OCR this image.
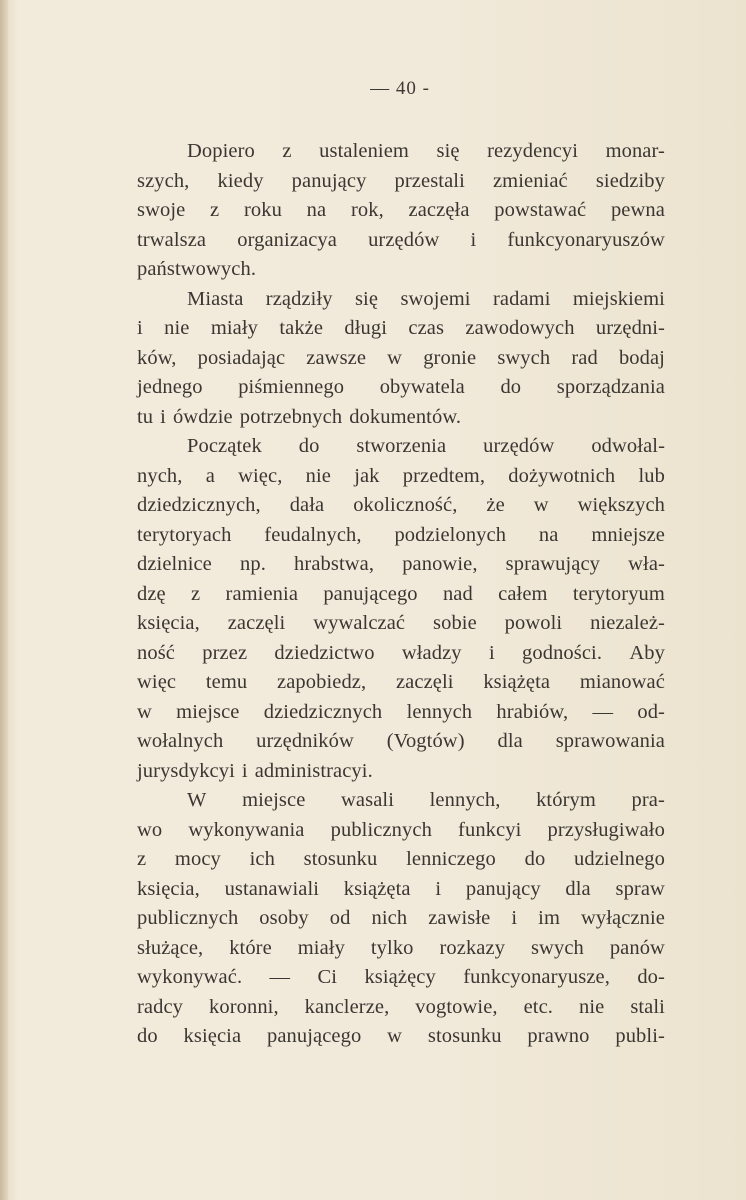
— 40 -
Dopiero z ustaleniem się rezydencyi monar-
szych, kiedy panujący przestali zmieniać siedziby
swoje z roku na rok, zaczęła powstawać pewna
trwalsza organizacya urzędów i funkcyonaryuszów
państwowych.
Miasta rządziły się swojemi radami miejskiemi
i nie miały także długi czas zawodowych urzędni-
ków, posiadając zawsze w gronie swych rad bodaj
jednego piśmiennego obywatela do sporządzania
tu i ówdzie potrzebnych dokumentów.
Początek do stworzenia urzędów odwołal-
nych, a więc, nie jak przedtem, dożywotnich lub
dziedzicznych, dała okoliczność, że w większych
terytoryach feudalnych, podzielonych na mniejsze
dzielnice np. hrabstwa, panowie, sprawujący wła-
dzę z ramienia panującego nad całem terytoryum
księcia, zaczęli wywalczać sobie powoli niezależ-
ność przez dziedzictwo władzy i godności. Aby
więc temu zapobiedz, zaczęli książęta mianować
w miejsce dziedzicznych lennych hrabiów, — od-
wołalnych urzędników (Vogtów) dla sprawowania
jurysdykcyi i administracyi.
W miejsce wasali lennych, którym pra-
wo wykonywania publicznych funkcyi przysługiwało
z mocy ich stosunku lenniczego do udzielnego
księcia, ustanawiali książęta i panujący dla spraw
publicznych osoby od nich zawisłe i im wyłącznie
służące, które miały tylko rozkazy swych panów
wykonywać. — Ci książęcy funkcyonaryusze, do-
radcy koronni, kanclerze, vogtowie, etc. nie stali
do księcia panującego w stosunku prawno publi-
